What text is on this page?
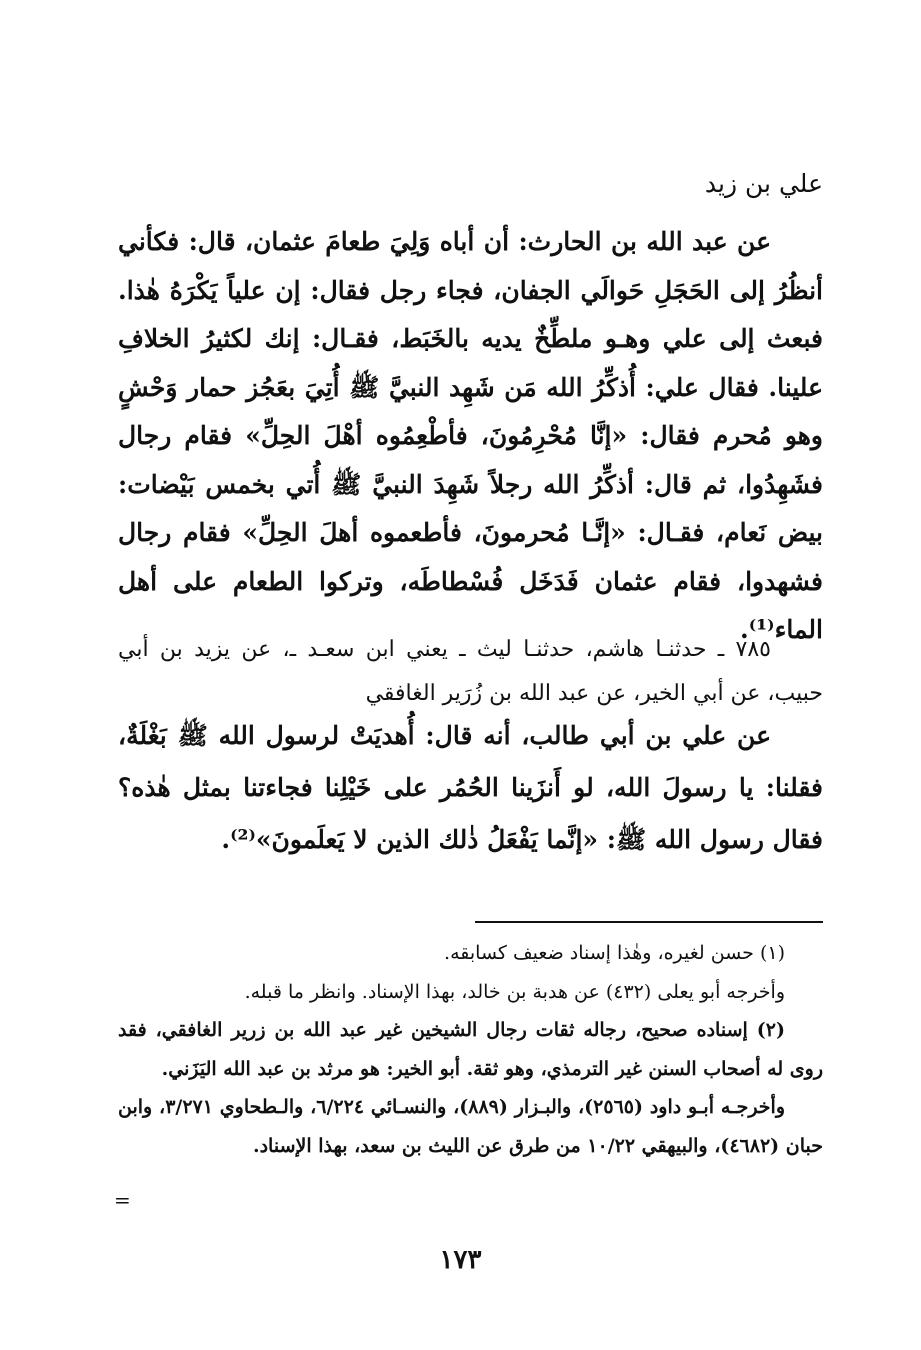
علي بن زيد

عن عبد الله بن الحارث: أن أباه وَلِيَ طعامَ عثمان، قال: فكأني أنظُرُ إلى الحَجَلِ حَوالَي الجفان، فجاء رجل فقال: إن علياً يَكْرَهُ هٰذا. فبعث إلى علي وهـو ملطِّخٌ يديه بالخَبَط، فقـال: إنك لكثيرُ الخلافِ علينا. فقال علي: أُذكِّرُ الله مَن شَهِد النبيَّ ﷺ أُتِيَ بعَجُز حمار وَحْشٍ وهو مُحرم فقال: «إنَّا مُحْرِمُونَ، فأطْعِمُوه أهْلَ الحِلِّ» فقام رجال فشَهِدُوا، ثم قال: أذكِّرُ الله رجلاً شَهِدَ النبيَّ ﷺ أُتي بخمس بَيْضات: بيض نَعام، فقـال: «إنَّـا مُحرمونَ، فأطعموه أهلَ الحِلِّ» فقام رجال فشهدوا، فقام عثمان فَدَخَل فُسْطاطَه، وتركوا الطعام على أهل الماء⁽¹⁾.

٧٨٥ ـ حدثنـا هاشم، حدثنـا ليث ـ يعني ابن سعـد ـ، عن يزيد بن أبي حبيب، عن أبي الخير، عن عبد الله بن زُرَير الغافقي

عن علي بن أبي طالب، أنه قال: أُهديَتْ لرسول الله ﷺ بَغْلَةٌ، فقلنا: يا رسولَ الله، لو أَنزَينا الحُمُر على خَيْلِنا فجاءتنا بمثل هٰذه؟ فقال رسول الله ﷺ: «إنَّما يَفْعَلُ ذٰلك الذين لا يَعلَمونَ»⁽²⁾.

(١) حسن لغيره، وهٰذا إسناد ضعيف كسابقه.

وأخرجه أبو يعلى (٤٣٢) عن هدبة بن خالد، بهذا الإسناد. وانظر ما قبله.

(٢) إسناده صحيح، رجاله ثقات رجال الشيخين غير عبد الله بن زرير الغافقي، فقد روى له أصحاب السنن غير الترمذي، وهو ثقة. أبو الخير: هو مرثد بن عبد الله اليَزَني.

وأخرجـه أبـو داود (٢٥٦٥)، والبـزار (٨٨٩)، والنسـائي ٦/٢٢٤، والـطحاوي ٣/٢٧١، وابن حبان (٤٦٨٢)، والبيهقي ١٠/٢٢ من طرق عن الليث بن سعد، بهذا الإسناد.

=
١٧٣
